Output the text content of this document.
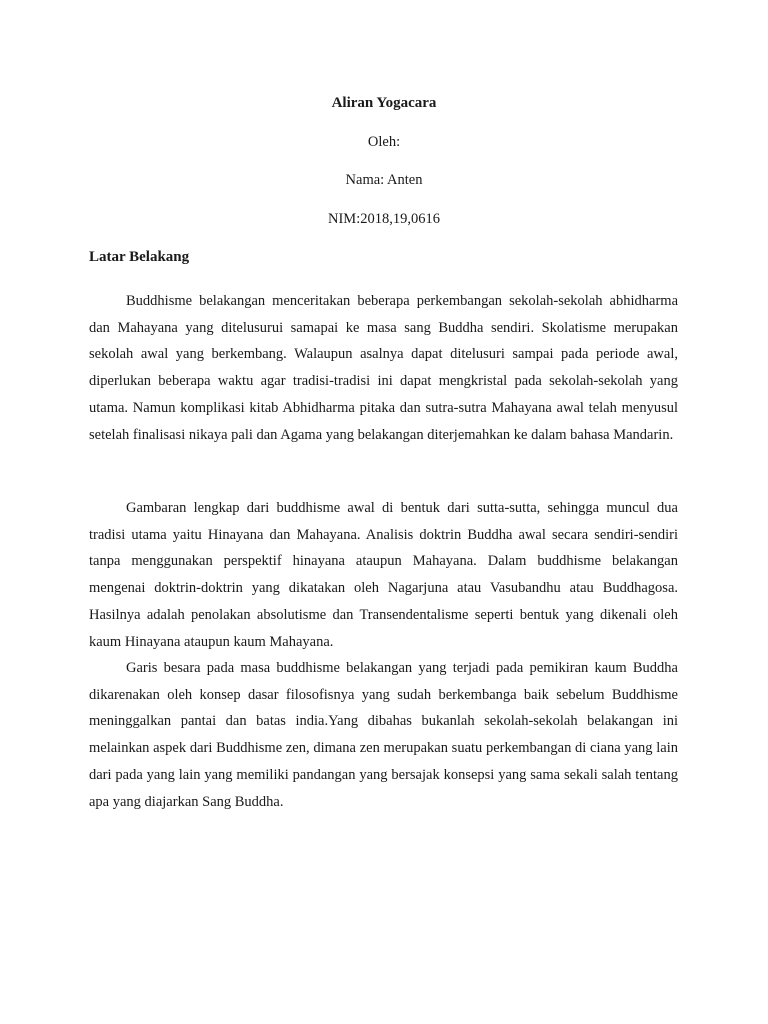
Aliran Yogacara
Oleh:
Nama: Anten
NIM:2018,19,0616
Latar Belakang

Buddhisme belakangan menceritakan beberapa perkembangan sekolah-sekolah abhidharma dan Mahayana yang ditelusurui samapai ke masa sang Buddha sendiri. Skolatisme merupakan sekolah awal yang berkembang. Walaupun asalnya dapat ditelusuri sampai pada periode awal, diperlukan beberapa waktu agar tradisi-tradisi ini dapat mengkristal pada sekolah-sekolah yang utama. Namun komplikasi kitab Abhidharma pitaka dan sutra-sutra Mahayana awal telah menyusul setelah finalisasi nikaya pali dan Agama yang belakangan diterjemahkan ke dalam bahasa Mandarin.

Gambaran lengkap dari buddhisme awal di bentuk dari sutta-sutta, sehingga muncul dua tradisi utama yaitu Hinayana dan Mahayana. Analisis doktrin Buddha awal secara sendiri-sendiri tanpa menggunakan perspektif hinayana ataupun Mahayana. Dalam buddhisme belakangan mengenai doktrin-doktrin yang dikatakan oleh Nagarjuna atau Vasubandhu atau Buddhagosa. Hasilnya adalah penolakan absolutisme dan Transendentalisme seperti bentuk yang dikenali oleh kaum Hinayana ataupun kaum Mahayana.

Garis besara pada masa buddhisme belakangan yang terjadi pada pemikiran kaum Buddha dikarenakan oleh konsep dasar filosofisnya yang sudah berkembanga baik sebelum Buddhisme meninggalkan pantai dan batas india.Yang dibahas bukanlah sekolah-sekolah belakangan ini melainkan aspek dari Buddhisme zen, dimana zen merupakan suatu perkembangan di ciana yang lain dari pada yang lain yang memiliki pandangan yang bersajak konsepsi yang sama sekali salah tentang apa yang diajarkan Sang Buddha.
